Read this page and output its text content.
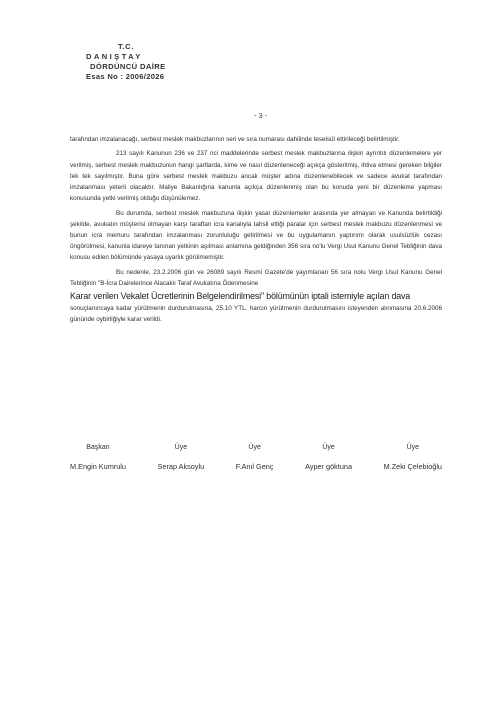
T.C.
DANIŞTAY
DÖRDÜNCÜ DAİRE
Esas No : 2006/2026
- 3 -

tarafından imzalanacağı, serbest meslek makbuzlarının seri ve sıra numarası dahilinde teselsül ettirileceği belirtilmiştir.

213 sayılı Kanunun 236 ve 237 nci maddelerinde serbest meslek makbuzlarına ilişkin ayrıntılı düzenlemelere yer verilmiş, serbest meslek makbuzunun hangi şartlarda, kime ve nasıl düzenleneceği açıkça gösterilmiş, ihtiva etmesi gereken bilgiler tek tek sayılmıştır. Buna göre serbest meslek makbuzu ancak müşter adına düzenlenebilecek ve sadece avukat tarafından imzalanması yeterli olacaktır. Maliye Bakanlığına kanunla açıkça düzenlenmiş olan bu konuda yeni bir düzenleme yapması konusunda yetki verilmiş olduğu düşünülemez.

Bu durumda, serbest meslek makbuzuna ilişkin yasal düzenlemeler arasında yer almayan ve Kanunda belirtildiği şekilde, avukatın müşterisi olmayan karşı taraftan icra kanalıyla tahsil ettiği paralar için serbest meslek makbuzu düzenlenmesi ve bunun icra memuru tarafından imzalanması zorunluluğu getirilmesi ve bu uygulamanın yaptırımı olarak usulsüzlük cezası öngörülmesi, kanunla idareye tanınan yetkinin aşılması anlamına geldiğinden 356 sıra no'lu Vergi Usul Kanunu Genel Tebliğinin dava konusu edilen bölümünde yasaya uyarlık görülmemiştir.

Bu nedenle, 23.2.2006 gün ve 26089 sayılı Resmi Gazete'de yayımlanan 56 sıra nolu Vergi Usul Kanunu Genel Tebliğinin "B-İcra Dairelerince Alacaklı Taraf Avukatına Ödenmesine
Karar verilen Vekalet Ücretlerinin Belgelendirilmesi" bölümünün iptali istemiyle açılan dava
sonuçlanıncaya kadar yürütmenin durdurulmasına, 25.10 YTL. harcın yürütmenin durdurulmasını isteyenden alınmasına 20.6.2006 gününde oybirliğiyle karar verildi.

Başkan
M.Engin Kumrulu
Üye
Serap Aksoylu
Üye
F.Anıl Genç
Üye
Ayper göktuna
Üye
M.Zeki Çelebioğlu
